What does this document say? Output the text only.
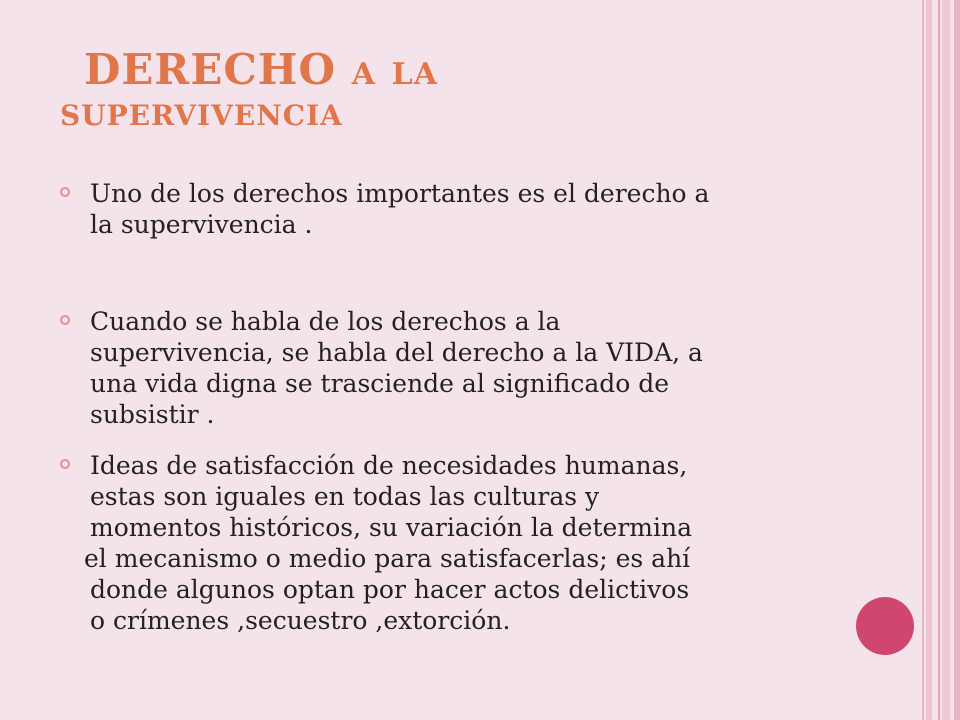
DERECHO A LA
SUPERVIVENCIA
Uno de los derechos importantes es el derecho a
la supervivencia .
Cuando se habla de los derechos a la
supervivencia, se habla del derecho a la VIDA, a
una vida digna se trasciende al significado de
subsistir .
Ideas de satisfacción de necesidades humanas,
estas son iguales en todas las culturas y
momentos históricos, su variación la determina
el mecanismo o medio para satisfacerlas; es ahí
donde algunos optan por hacer actos delictivos
o crímenes ,secuestro ,extorción.
